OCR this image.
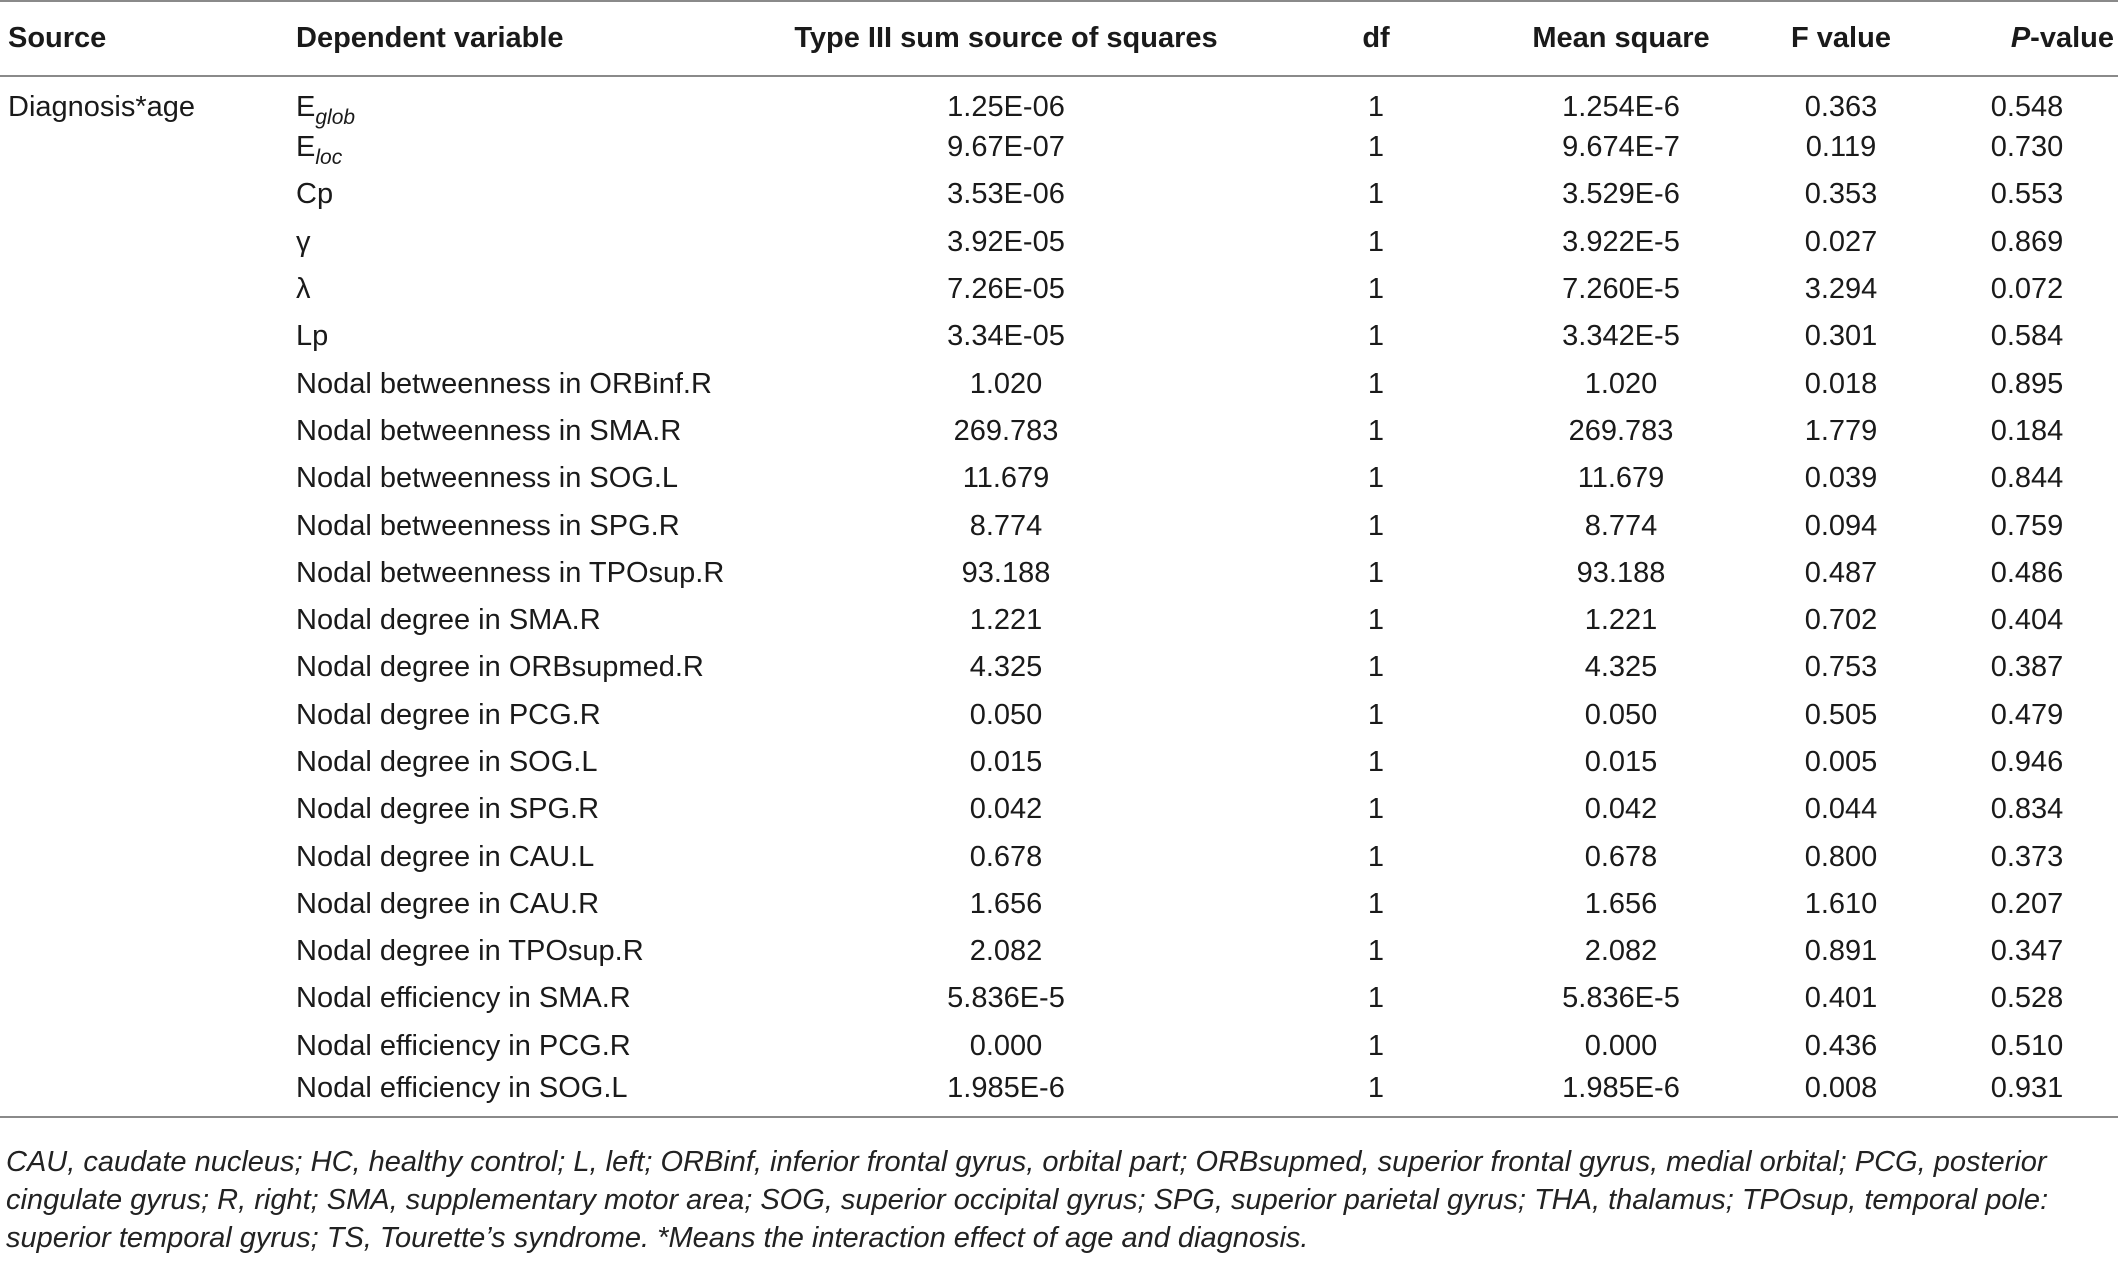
Source	Dependent variable	Type III sum source of squares	df	Mean square	F value	P-value
Diagnosis*age	$E_{glob}$	1.25E-06	1	1.254E-6	0.363	0.548
	$E_{loc}$	9.67E-07	1	9.674E-7	0.119	0.730
	Cp	3.53E-06	1	3.529E-6	0.353	0.553
	γ	3.92E-05	1	3.922E-5	0.027	0.869
	λ	7.26E-05	1	7.260E-5	3.294	0.072
	Lp	3.34E-05	1	3.342E-5	0.301	0.584
	Nodal betweenness in ORBinf.R	1.020	1	1.020	0.018	0.895
	Nodal betweenness in SMA.R	269.783	1	269.783	1.779	0.184
	Nodal betweenness in SOG.L	11.679	1	11.679	0.039	0.844
	Nodal betweenness in SPG.R	8.774	1	8.774	0.094	0.759
	Nodal betweenness in TPOsup.R	93.188	1	93.188	0.487	0.486
	Nodal degree in SMA.R	1.221	1	1.221	0.702	0.404
	Nodal degree in ORBsupmed.R	4.325	1	4.325	0.753	0.387
	Nodal degree in PCG.R	0.050	1	0.050	0.505	0.479
	Nodal degree in SOG.L	0.015	1	0.015	0.005	0.946
	Nodal degree in SPG.R	0.042	1	0.042	0.044	0.834
	Nodal degree in CAU.L	0.678	1	0.678	0.800	0.373
	Nodal degree in CAU.R	1.656	1	1.656	1.610	0.207
	Nodal degree in TPOsup.R	2.082	1	2.082	0.891	0.347
	Nodal efficiency in SMA.R	5.836E-5	1	5.836E-5	0.401	0.528
	Nodal efficiency in PCG.R	0.000	1	0.000	0.436	0.510
	Nodal efficiency in SOG.L	1.985E-6	1	1.985E-6	0.008	0.931

CAU, caudate nucleus; HC, healthy control; L, left; ORBinf, inferior frontal gyrus, orbital part; ORBsupmed, superior frontal gyrus, medial orbital; PCG, posterior cingulate gyrus; R, right; SMA, supplementary motor area; SOG, superior occipital gyrus; SPG, superior parietal gyrus; THA, thalamus; TPOsup, temporal pole: superior temporal gyrus; TS, Tourette’s syndrome. *Means the interaction effect of age and diagnosis.
